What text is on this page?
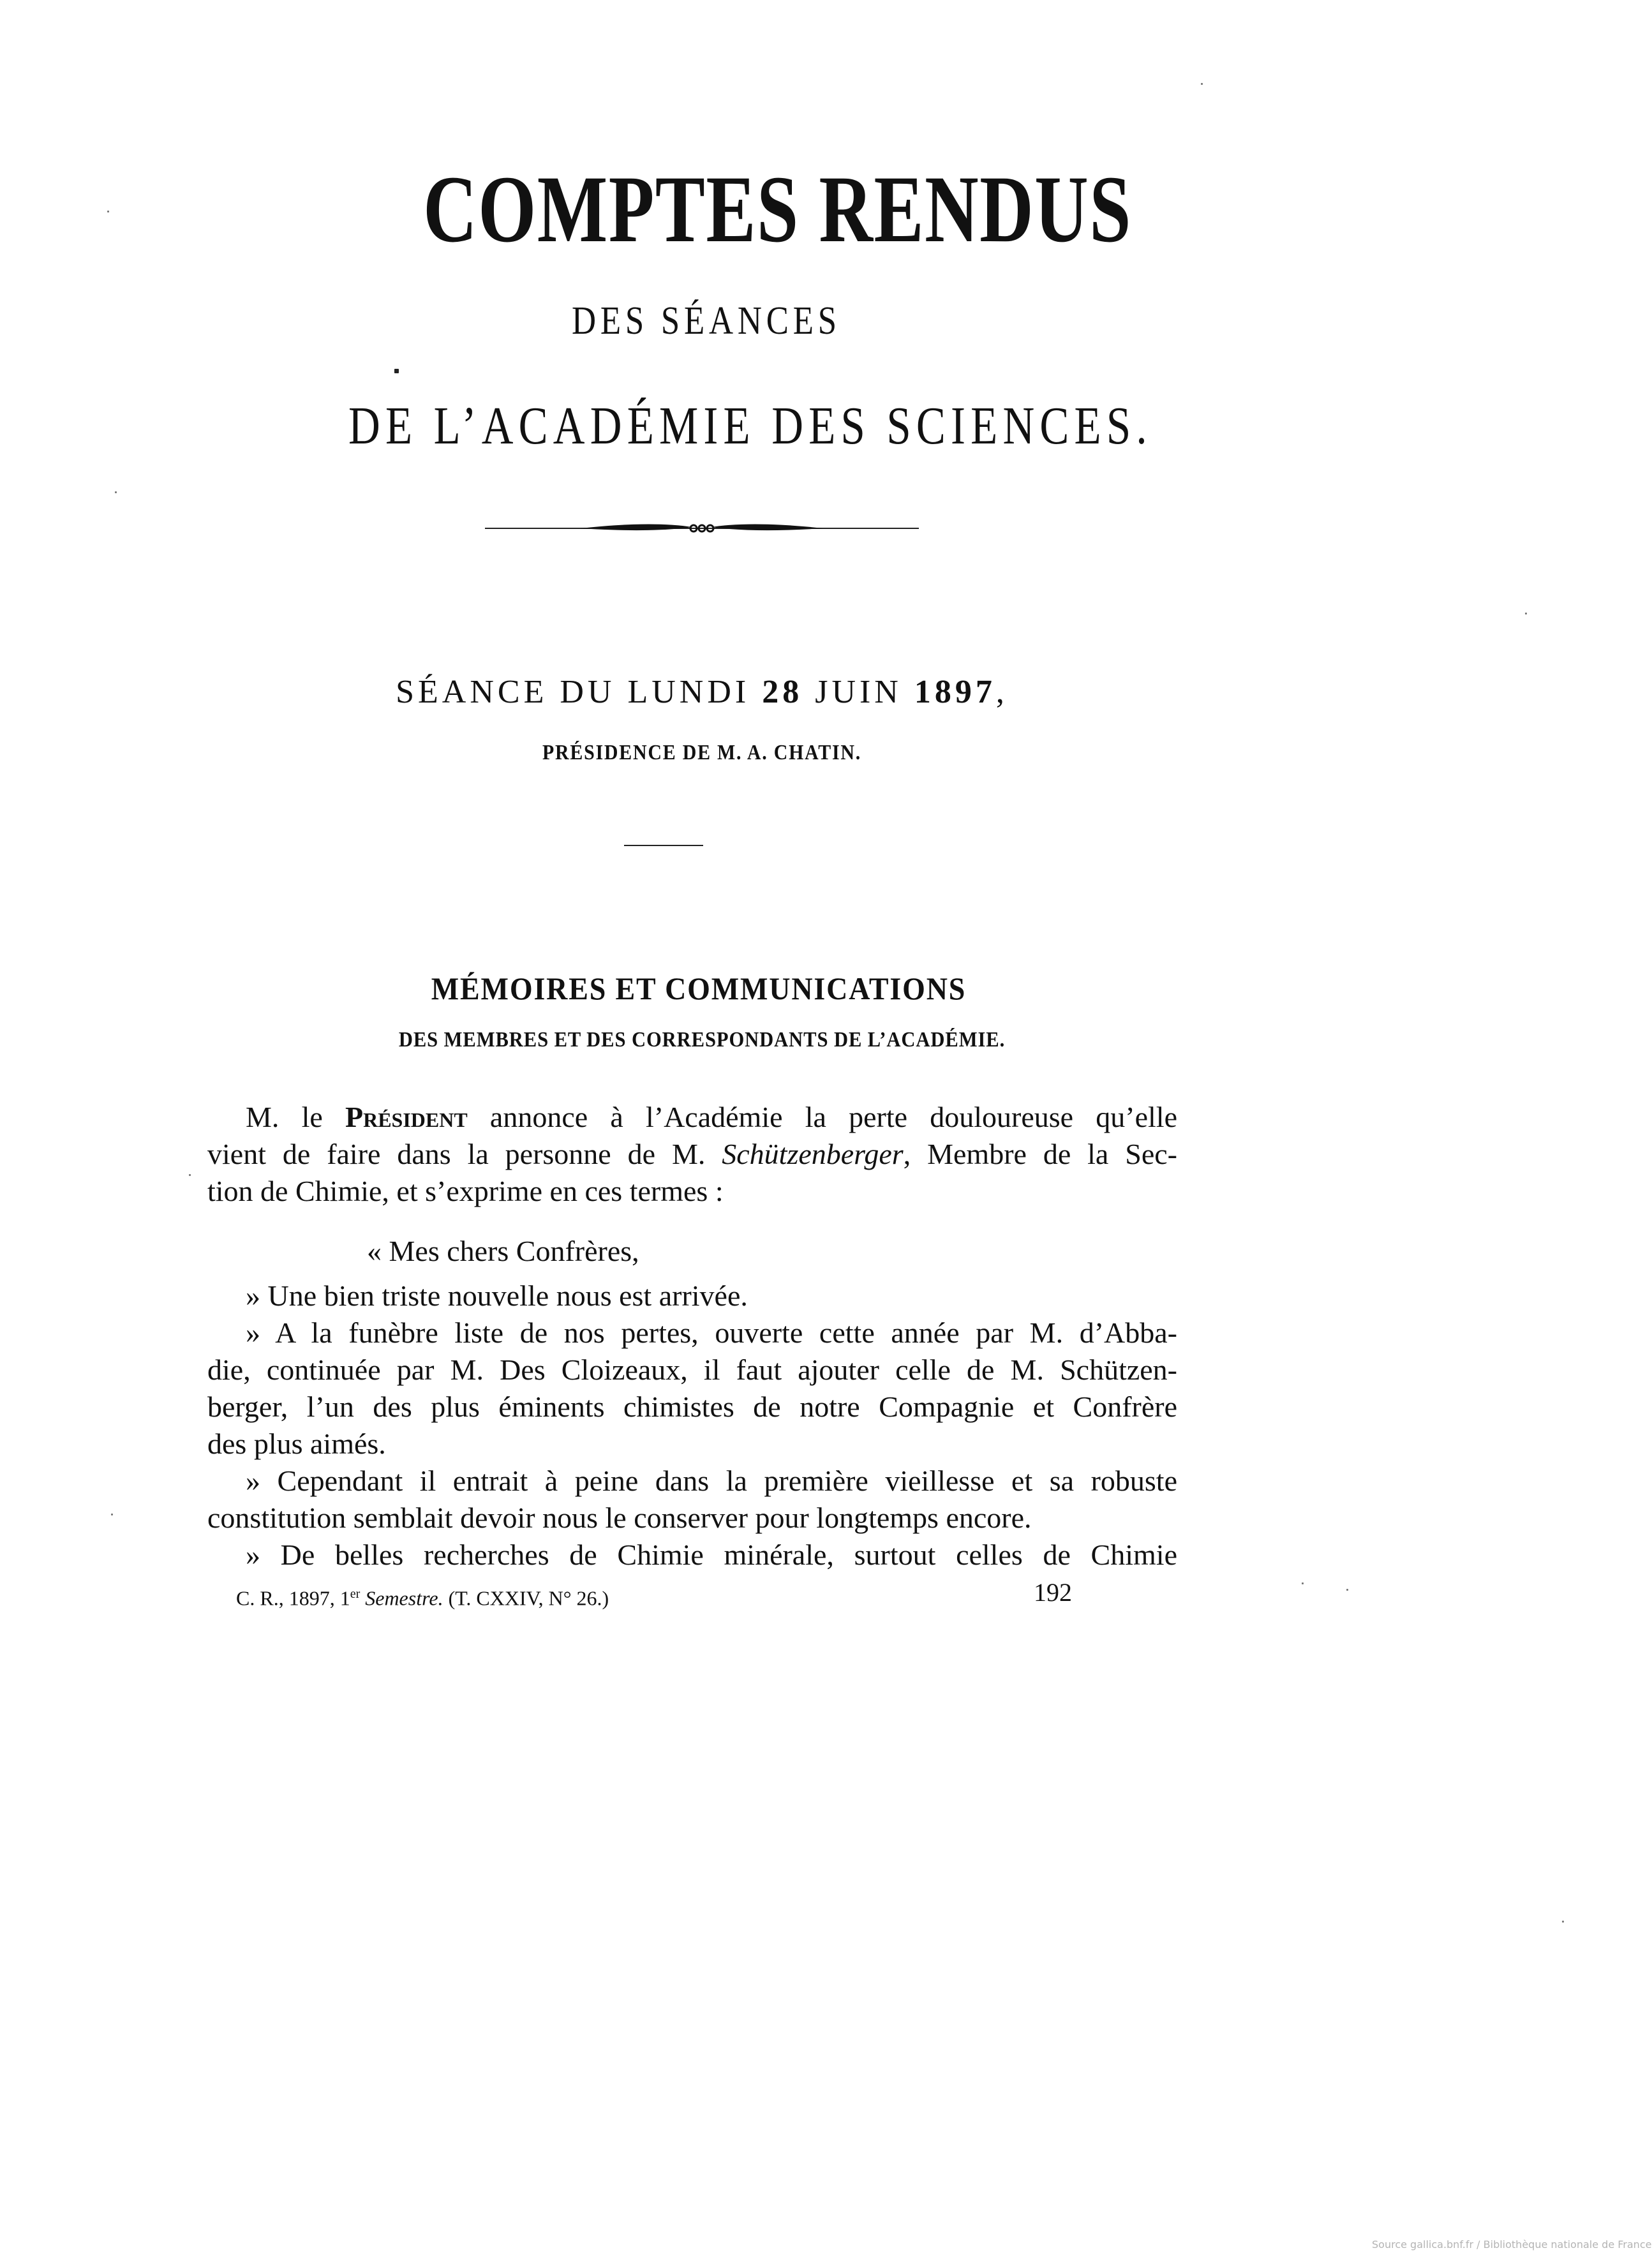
COMPTES RENDUS
DES SÉANCES
DE L’ACADÉMIE DES SCIENCES.
SÉANCE DU LUNDI 28 JUIN 1897,
PRÉSIDENCE DE M. A. CHATIN.
MÉMOIRES ET COMMUNICATIONS
DES MEMBRES ET DES CORRESPONDANTS DE L’ACADÉMIE.
M. le Président annonce à l’Académie la perte douloureuse qu’elle
vient de faire dans la personne de M. Schützenberger, Membre de la Sec-
tion de Chimie, et s’exprime en ces termes :
« Mes chers Confrères,
» Une bien triste nouvelle nous est arrivée.
» A la funèbre liste de nos pertes, ouverte cette année par M. d’Abba-
die, continuée par M. Des Cloizeaux, il faut ajouter celle de M. Schützen-
berger, l’un des plus éminents chimistes de notre Compagnie et Confrère
des plus aimés.
» Cependant il entrait à peine dans la première vieillesse et sa robuste
constitution semblait devoir nous le conserver pour longtemps encore.
» De belles recherches de Chimie minérale, surtout celles de Chimie
C. R., 1897, 1er Semestre. (T. CXXIV, N° 26.)	192
Source gallica.bnf.fr / Bibliothèque nationale de France
